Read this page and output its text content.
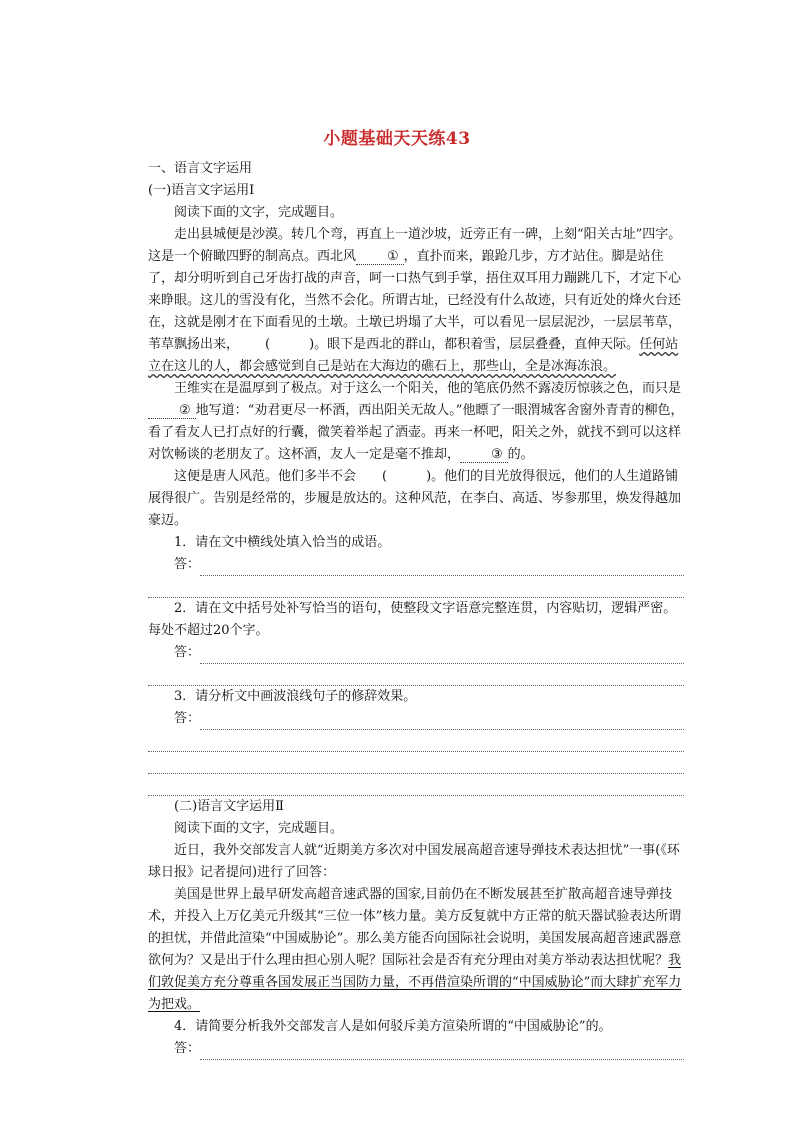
小题基础天天练43

一、语言文字运用

(一)语言文字运用Ⅰ

阅读下面的文字，完成题目。

走出县城便是沙漠。转几个弯，再直上一道沙坡，近旁正有一碑，上刻“阳关古址”四字。这是一个俯瞰四野的制高点。西北风 ① ，直扑而来，踉跄几步，方才站住。脚是站住了，却分明听到自己牙齿打战的声音，呵一口热气到手掌，捂住双耳用力蹦跳几下，才定下心来睁眼。这儿的雪没有化，当然不会化。所谓古址，已经没有什么故迹，只有近处的烽火台还在，这就是刚才在下面看见的土墩。土墩已坍塌了大半，可以看见一层层泥沙，一层层苇草，苇草飘扬出来， (　　　)。眼下是西北的群山，都积着雪，层层叠叠，直伸天际。任何站立在这儿的人，都会感觉到自己是站在大海边的礁石上，那些山，全是冰海冻浪。

王维实在是温厚到了极点。对于这么一个阳关，他的笔底仍然不露凌厉惊骇之色，而只是② 地写道：“劝君更尽一杯酒，西出阳关无故人。”他瞟了一眼渭城客舍窗外青青的柳色，看了看友人已打点好的行囊，微笑着举起了酒壶。再来一杯吧，阳关之外，就找不到可以这样对饮畅谈的老朋友了。这杯酒，友人一定是毫不推却， ③ 的。

这便是唐人风范。他们多半不会 (　　　)。他们的目光放得很远，他们的人生道路铺展得很广。告别是经常的，步履是放达的。这种风范，在李白、高适、岑参那里，焕发得越加豪迈。

1．请在文中横线处填入恰当的成语。

答：

2．请在文中括号处补写恰当的语句，使整段文字语意完整连贯，内容贴切，逻辑严密。每处不超过20个字。

答：

3．请分析文中画波浪线句子的修辞效果。

答：

(二)语言文字运用Ⅱ

阅读下面的文字，完成题目。

近日，我外交部发言人就“近期美方多次对中国发展高超音速导弹技术表达担忧”一事(《环球日报》记者提问)进行了回答：

美国是世界上最早研发高超音速武器的国家,目前仍在不断发展甚至扩散高超音速导弹技术，并投入上万亿美元升级其“三位一体”核力量。美方反复就中方正常的航天器试验表达所谓的担忧，并借此渲染“中国威胁论”。那么美方能否向国际社会说明，美国发展高超音速武器意欲何为？又是出于什么理由担心别人呢？国际社会是否有充分理由对美方举动表达担忧呢？我们敦促美方充分尊重各国发展正当国防力量，不再借渲染所谓的“中国威胁论”而大肆扩充军力为把戏。

4．请简要分析我外交部发言人是如何驳斥美方渲染所谓的“中国威胁论”的。

答：
